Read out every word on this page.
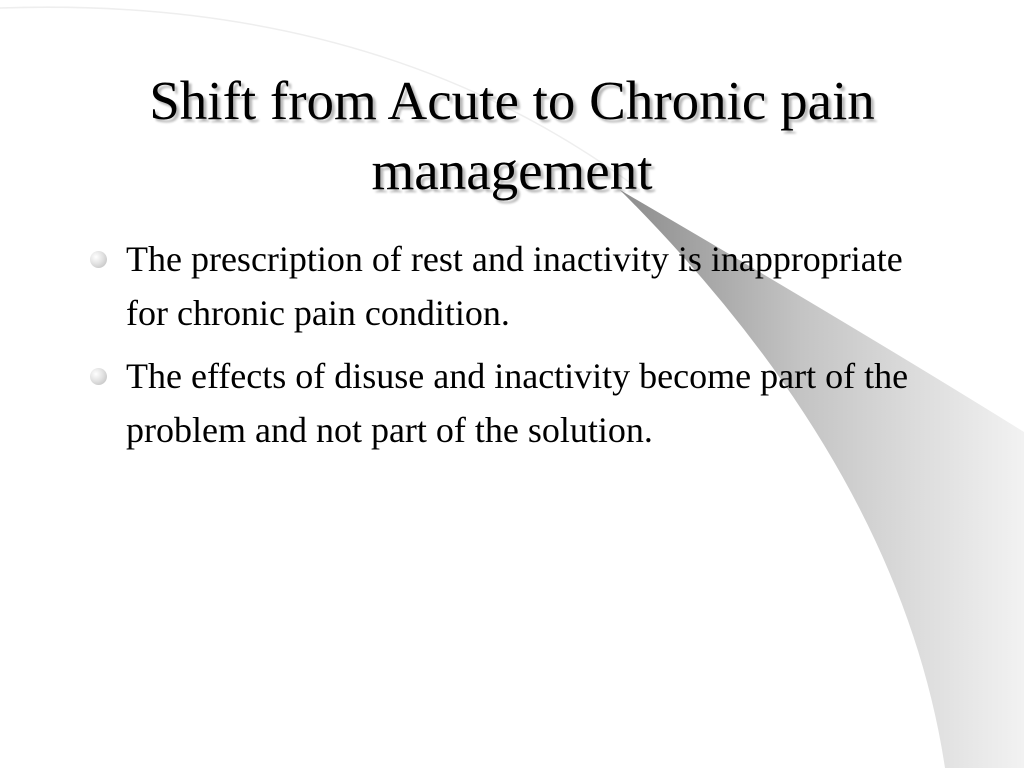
Shift from Acute to Chronic pain management
The prescription of rest and inactivity is inappropriate for chronic pain condition.
The effects of disuse and inactivity become part of the problem and not part of the solution.
